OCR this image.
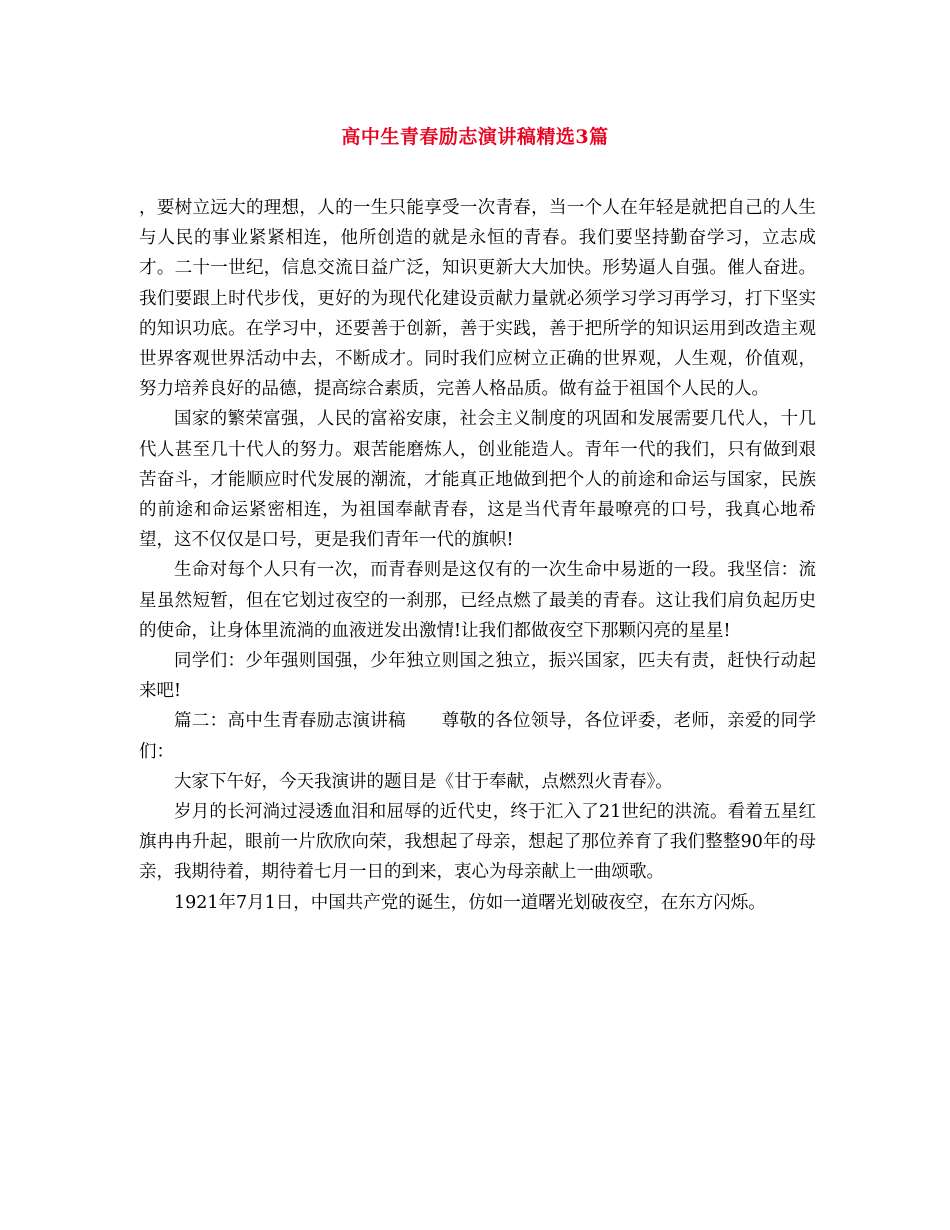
高中生青春励志演讲稿精选3篇

，要树立远大的理想，人的一生只能享受一次青春，当一个人在年轻是就把自己的人生与人民的事业紧紧相连，他所创造的就是永恒的青春。我们要坚持勤奋学习，立志成才。二十一世纪，信息交流日益广泛，知识更新大大加快。形势逼人自强。催人奋进。我们要跟上时代步伐，更好的为现代化建设贡献力量就必须学习学习再学习，打下坚实的知识功底。在学习中，还要善于创新，善于实践，善于把所学的知识运用到改造主观世界客观世界活动中去，不断成才。同时我们应树立正确的世界观，人生观，价值观，努力培养良好的品德，提高综合素质，完善人格品质。做有益于祖国个人民的人。

国家的繁荣富强，人民的富裕安康，社会主义制度的巩固和发展需要几代人，十几代人甚至几十代人的努力。艰苦能磨炼人，创业能造人。青年一代的我们，只有做到艰苦奋斗，才能顺应时代发展的潮流，才能真正地做到把个人的前途和命运与国家，民族的前途和命运紧密相连，为祖国奉献青春，这是当代青年最嘹亮的口号，我真心地希望，这不仅仅是口号，更是我们青年一代的旗帜!

生命对每个人只有一次，而青春则是这仅有的一次生命中易逝的一段。我坚信：流星虽然短暂，但在它划过夜空的一刹那，已经点燃了最美的青春。这让我们肩负起历史的使命，让身体里流淌的血液迸发出激情!让我们都做夜空下那颗闪亮的星星!

同学们：少年强则国强，少年独立则国之独立，振兴国家，匹夫有责，赶快行动起来吧!

篇二：高中生青春励志演讲稿　　尊敬的各位领导，各位评委，老师，亲爱的同学们：

大家下午好，今天我演讲的题目是《甘于奉献，点燃烈火青春》。

岁月的长河淌过浸透血泪和屈辱的近代史，终于汇入了21世纪的洪流。看着五星红旗冉冉升起，眼前一片欣欣向荣，我想起了母亲，想起了那位养育了我们整整90年的母亲，我期待着，期待着七月一日的到来，衷心为母亲献上一曲颂歌。

1921年7月1日，中国共产党的诞生，仿如一道曙光划破夜空，在东方闪烁。
